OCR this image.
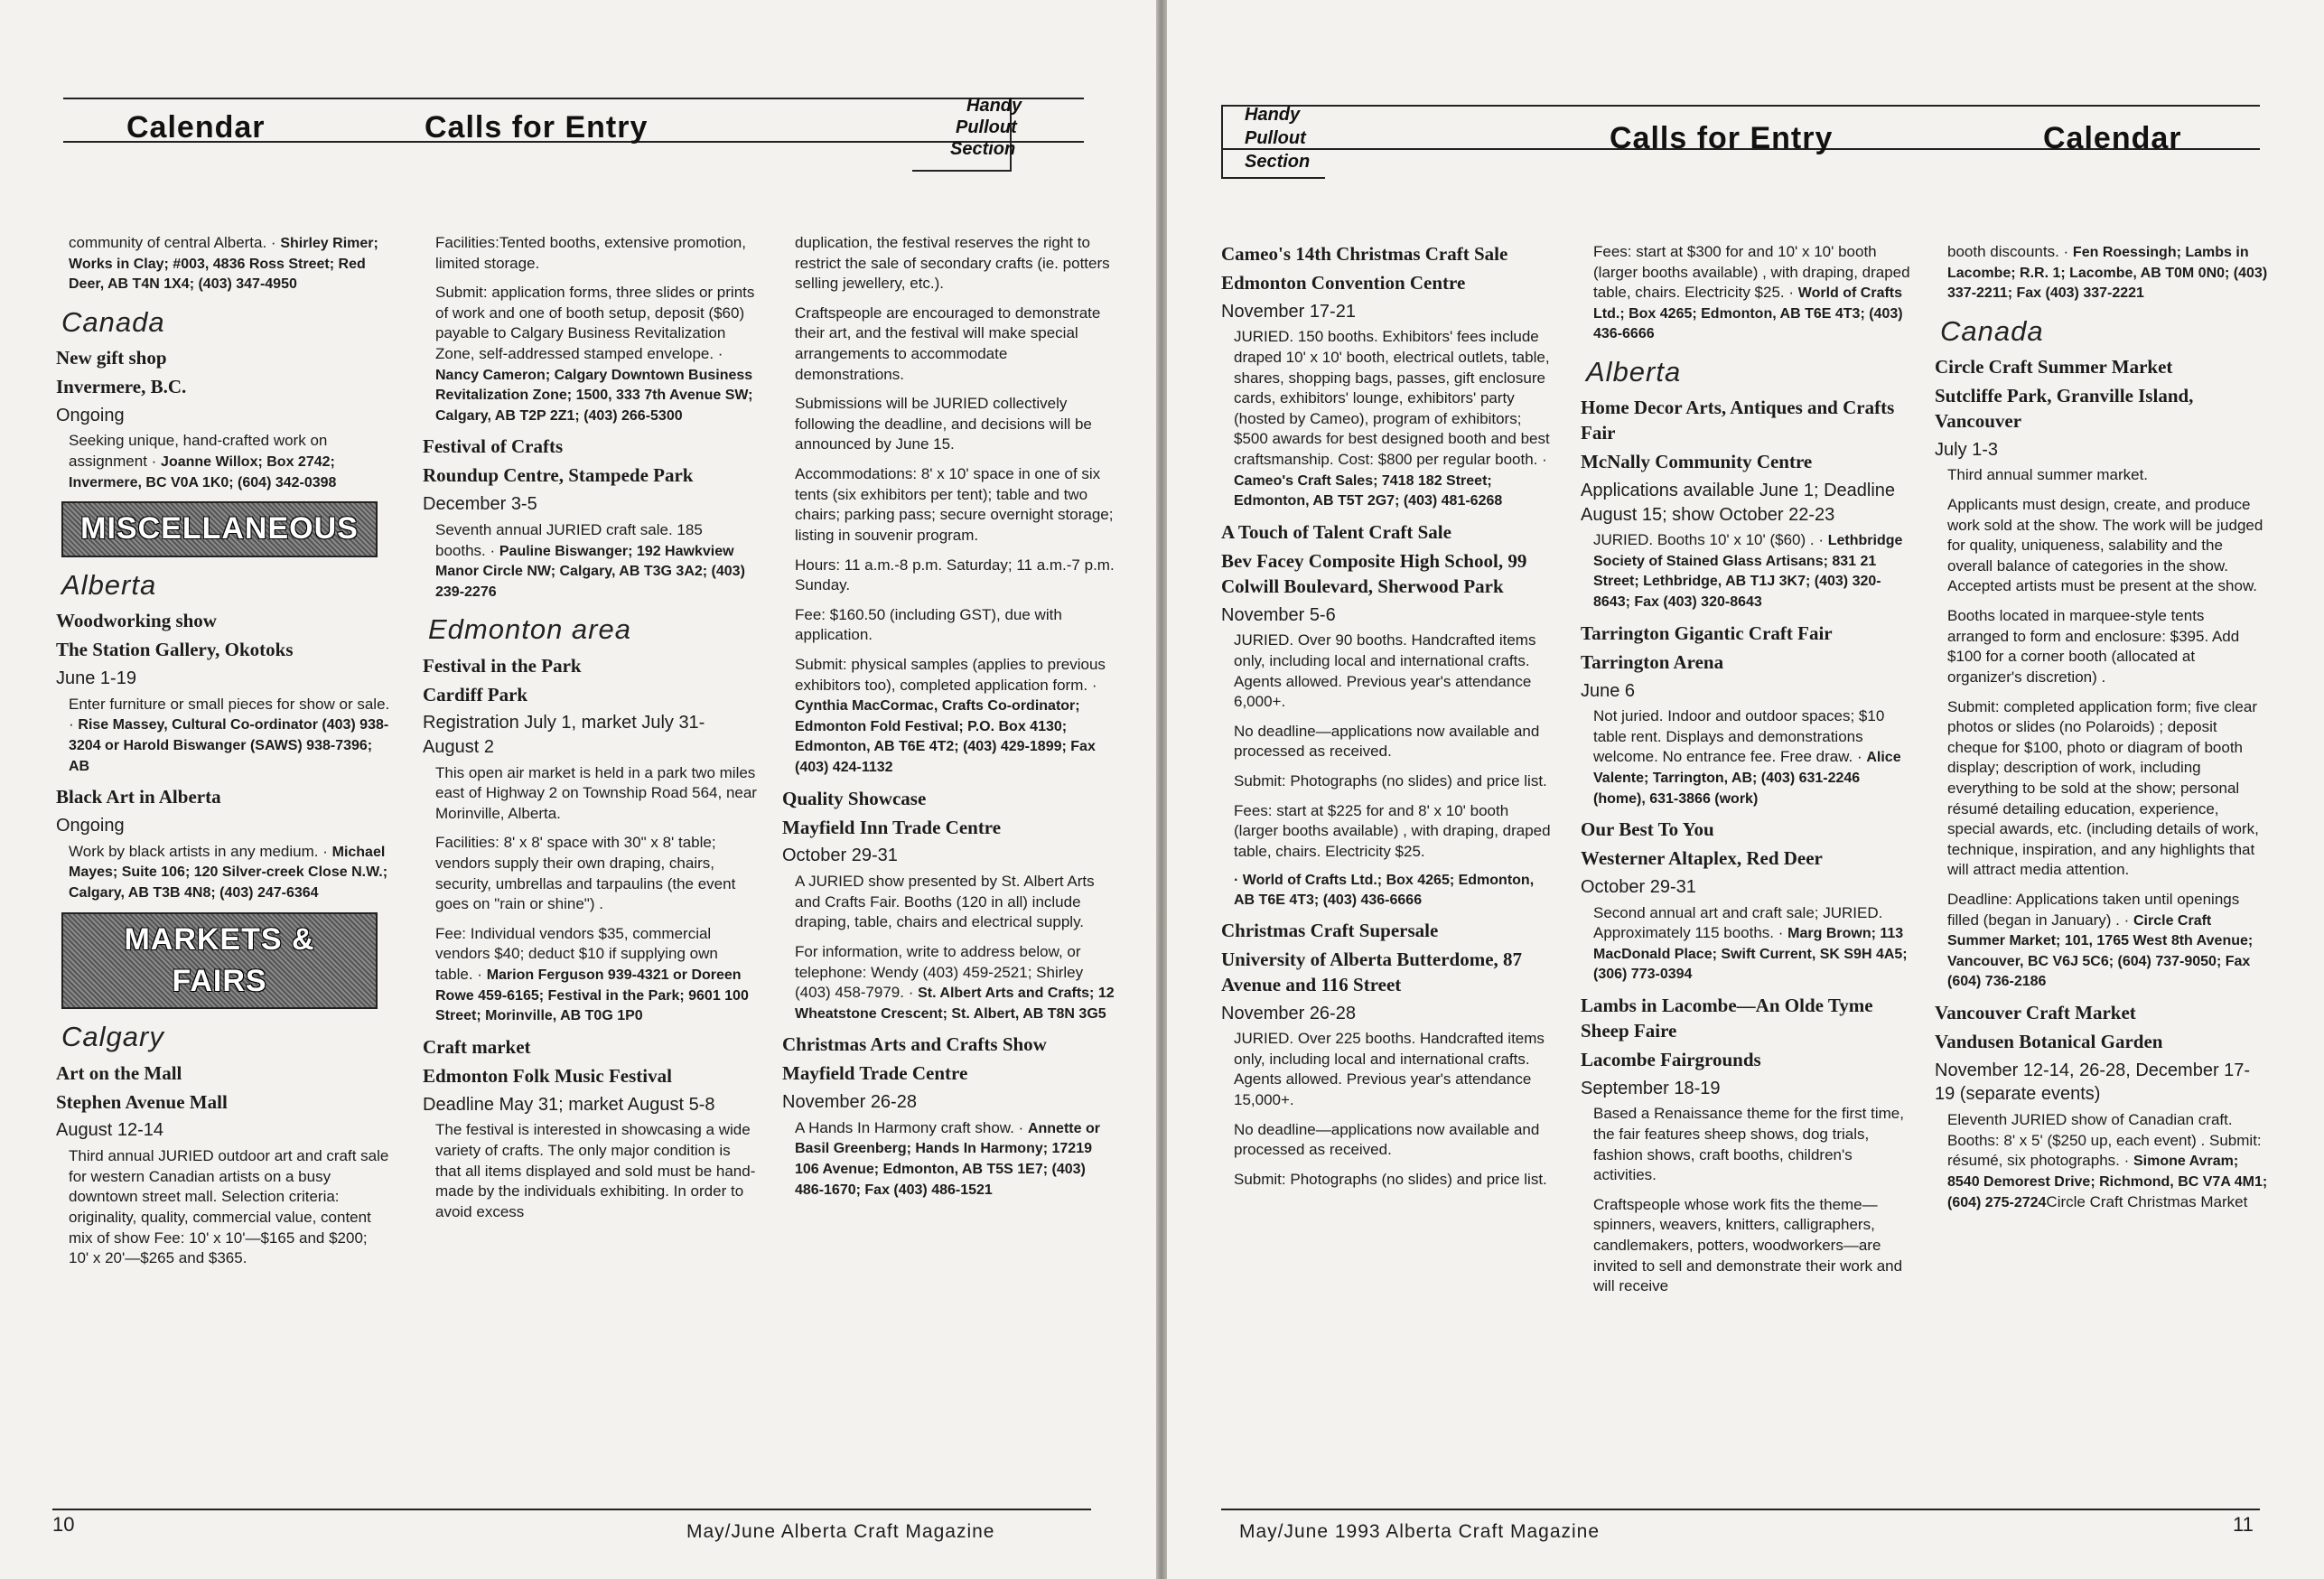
Calendar	Calls for Entry
Handy
Pullout
Section

community of central Alberta. · Shirley Rimer; Works in Clay; #003, 4836 Ross Street; Red Deer, AB T4N 1X4; (403) 347-4950

Canada
New gift shop
Invermere, B.C.
Ongoing

Seeking unique, hand-crafted work on assignment · Joanne Willox; Box 2742; Invermere, BC V0A 1K0; (604) 342-0398

MISCELLANEOUS
Alberta
Woodworking show
The Station Gallery, Okotoks
June 1-19

Enter furniture or small pieces for show or sale. · Rise Massey, Cultural Co-ordinator (403) 938-3204 or Harold Biswanger (SAWS) 938-7396; AB

Black Art in Alberta
Ongoing

Work by black artists in any medium. · Michael Mayes; Suite 106; 120 Silver-creek Close N.W.; Calgary, AB T3B 4N8; (403) 247-6364

MARKETS &
FAIRS
Calgary
Art on the Mall
Stephen Avenue Mall
August 12-14

Third annual JURIED outdoor art and craft sale for western Canadian artists on a busy downtown street mall. Selection criteria: originality, quality, commercial value, content mix of show Fee: 10' x 10'—$165 and $200; 10' x 20'—$265 and $365.

Facilities:Tented booths, extensive promotion, limited storage.

Submit: application forms, three slides or prints of work and one of booth setup, deposit ($60) payable to Calgary Business Revitalization Zone, self-addressed stamped envelope. · Nancy Cameron; Calgary Downtown Business Revitalization Zone; 1500, 333 7th Avenue SW; Calgary, AB T2P 2Z1; (403) 266-5300

Festival of Crafts
Roundup Centre, Stampede Park
December 3-5

Seventh annual JURIED craft sale. 185 booths. · Pauline Biswanger; 192 Hawkview Manor Circle NW; Calgary, AB T3G 3A2; (403) 239-2276

Edmonton area
Festival in the Park
Cardiff Park
Registration July 1, market July 31-August 2

This open air market is held in a park two miles east of Highway 2 on Township Road 564, near Morinville, Alberta.

Facilities: 8' x 8' space with 30" x 8' table; vendors supply their own draping, chairs, security, umbrellas and tarpaulins (the event goes on "rain or shine") .

Fee: Individual vendors $35, commercial vendors $40; deduct $10 if supplying own table. · Marion Ferguson 939-4321 or Doreen Rowe 459-6165; Festival in the Park; 9601 100 Street; Morinville, AB T0G 1P0

Craft market
Edmonton Folk Music Festival
Deadline May 31; market August 5-8

The festival is interested in showcasing a wide variety of crafts. The only major condition is that all items displayed and sold must be hand-made by the individuals exhibiting. In order to avoid excess

duplication, the festival reserves the right to restrict the sale of secondary crafts (ie. potters selling jewellery, etc.).

Craftspeople are encouraged to demonstrate their art, and the festival will make special arrangements to accommodate demonstrations.

Submissions will be JURIED collectively following the deadline, and decisions will be announced by June 15.

Accommodations: 8' x 10' space in one of six tents (six exhibitors per tent); table and two chairs; parking pass; secure overnight storage; listing in souvenir program.

Hours: 11 a.m.-8 p.m. Saturday; 11 a.m.-7 p.m. Sunday.

Fee: $160.50 (including GST), due with application.

Submit: physical samples (applies to previous exhibitors too), completed application form. · Cynthia MacCormac, Crafts Co-ordinator; Edmonton Fold Festival; P.O. Box 4130; Edmonton, AB T6E 4T2; (403) 429-1899; Fax (403) 424-1132

Quality Showcase
Mayfield Inn Trade Centre
October 29-31

A JURIED show presented by St. Albert Arts and Crafts Fair. Booths (120 in all) include draping, table, chairs and electrical supply.

For information, write to address below, or telephone: Wendy (403) 459-2521; Shirley (403) 458-7979. · St. Albert Arts and Crafts; 12 Wheatstone Crescent; St. Albert, AB T8N 3G5

Christmas Arts and Crafts Show
Mayfield Trade Centre
November 26-28

A Hands In Harmony craft show. · Annette or Basil Greenberg; Hands In Harmony; 17219 106 Avenue; Edmonton, AB T5S 1E7; (403) 486-1670; Fax (403) 486-1521

10	May/June Alberta Craft Magazine
Handy
Pullout
Section
Calls for Entry	Calendar
Cameo's 14th Christmas Craft Sale
Edmonton Convention Centre
November 17-21

JURIED. 150 booths. Exhibitors' fees include draped 10' x 10' booth, electrical outlets, table, shares, shopping bags, passes, gift enclosure cards, exhibitors' lounge, exhibitors' party (hosted by Cameo), program of exhibitors; $500 awards for best designed booth and best craftsmanship. Cost: $800 per regular booth. · Cameo's Craft Sales; 7418 182 Street; Edmonton, AB T5T 2G7; (403) 481-6268

A Touch of Talent Craft Sale
Bev Facey Composite High School, 99 Colwill Boulevard, Sherwood Park
November 5-6

JURIED. Over 90 booths. Handcrafted items only, including local and international crafts. Agents allowed. Previous year's attendance 6,000+.

No deadline—applications now available and processed as received.

Submit: Photographs (no slides) and price list.

Fees: start at $225 for and 8' x 10' booth (larger booths available) , with draping, draped table, chairs. Electricity $25.

· World of Crafts Ltd.; Box 4265; Edmonton, AB T6E 4T3; (403) 436-6666

Christmas Craft Supersale
University of Alberta Butterdome, 87 Avenue and 116 Street
November 26-28

JURIED. Over 225 booths. Handcrafted items only, including local and international crafts. Agents allowed. Previous year's attendance 15,000+.

No deadline—applications now available and processed as received.

Submit: Photographs (no slides) and price list.

Fees: start at $300 for and 10' x 10' booth (larger booths available) , with draping, draped table, chairs. Electricity $25. · World of Crafts Ltd.; Box 4265; Edmonton, AB T6E 4T3; (403) 436-6666

Alberta
Home Decor Arts, Antiques and Crafts Fair
McNally Community Centre
Applications available June 1; Deadline August 15; show October 22-23

JURIED. Booths 10' x 10' ($60) . · Lethbridge Society of Stained Glass Artisans; 831 21 Street; Lethbridge, AB T1J 3K7; (403) 320-8643; Fax (403) 320-8643

Tarrington Gigantic Craft Fair
Tarrington Arena
June 6

Not juried. Indoor and outdoor spaces; $10 table rent. Displays and demonstrations welcome. No entrance fee. Free draw. · Alice Valente; Tarrington, AB; (403) 631-2246 (home), 631-3866 (work)

Our Best To You
Westerner Altaplex, Red Deer
October 29-31

Second annual art and craft sale; JURIED. Approximately 115 booths. · Marg Brown; 113 MacDonald Place; Swift Current, SK S9H 4A5; (306) 773-0394

Lambs in Lacombe—An Olde Tyme Sheep Faire
Lacombe Fairgrounds
September 18-19

Based a Renaissance theme for the first time, the fair features sheep shows, dog trials, fashion shows, craft booths, children's activities.

Craftspeople whose work fits the theme—spinners, weavers, knitters, calligraphers, candlemakers, potters, woodworkers—are invited to sell and demonstrate their work and will receive

booth discounts. · Fen Roessingh; Lambs in Lacombe; R.R. 1; Lacombe, AB T0M 0N0; (403) 337-2211; Fax (403) 337-2221

Canada
Circle Craft Summer Market
Sutcliffe Park, Granville Island, Vancouver
July 1-3

Third annual summer market.

Applicants must design, create, and produce work sold at the show. The work will be judged for quality, uniqueness, salability and the overall balance of categories in the show. Accepted artists must be present at the show.

Booths located in marquee-style tents arranged to form and enclosure: $395. Add $100 for a corner booth (allocated at organizer's discretion) .

Submit: completed application form; five clear photos or slides (no Polaroids) ; deposit cheque for $100, photo or diagram of booth display; description of work, including everything to be sold at the show; personal résumé detailing education, experience, special awards, etc. (including details of work, technique, inspiration, and any highlights that will attract media attention.

Deadline: Applications taken until openings filled (began in January) . · Circle Craft Summer Market; 101, 1765 West 8th Avenue; Vancouver, BC V6J 5C6; (604) 737-9050; Fax (604) 736-2186

Vancouver Craft Market
Vandusen Botanical Garden
November 12-14, 26-28, December 17-19 (separate events)

Eleventh JURIED show of Canadian craft. Booths: 8' x 5' ($250 up, each event) . Submit: résumé, six photographs. · Simone Avram; 8540 Demorest Drive; Richmond, BC V7A 4M1; (604) 275-2724Circle Craft Christmas Market

May/June 1993 Alberta Craft Magazine	11
